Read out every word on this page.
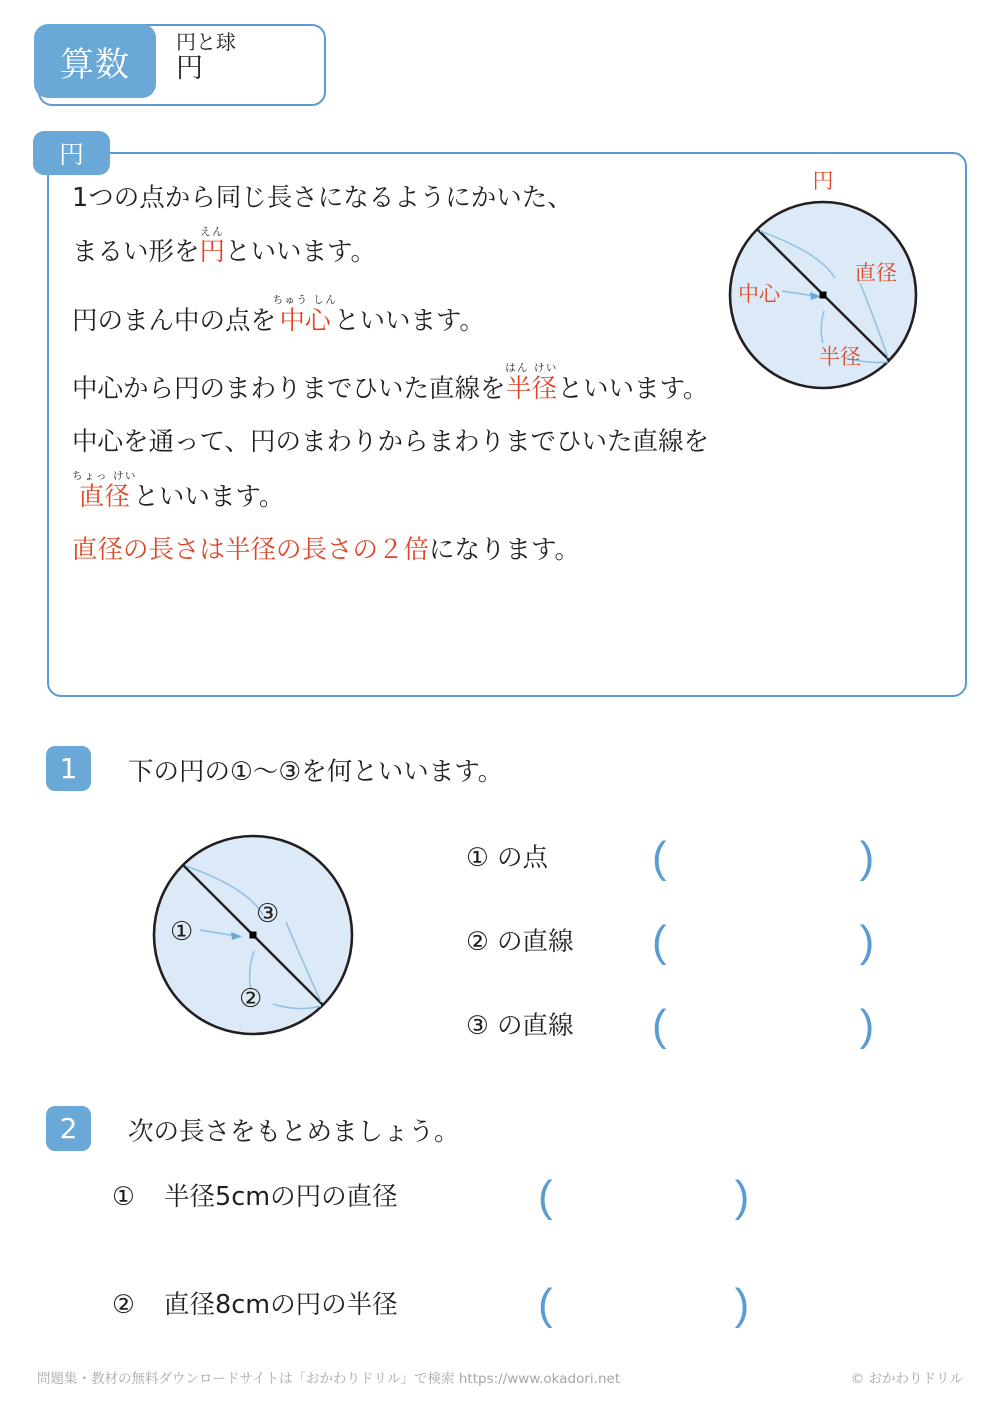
算数
円と球
円
円
1つの点から同じ長さになるようにかいた、
まるい形を円えんといいます。
円のまん中の点を中心ちゅう しんといいます。
中心から円のまわりまでひいた直線を半径はん けいといいます。
中心を通って、円のまわりからまわりまでひいた直線を
直径ちょっ けいといいます。
直径の長さは半径の長さの２倍になります。
円
直径
半径
中心
1	下の円の①～③を何といいます。
③
②
①
① の点	(	)
② の直線	(	)
③ の直線	(	)
2	次の長さをもとめましょう。
①	半径5cmの円の直径	(	)
②	直径8cmの円の半径	(	)
問題集・教材の無料ダウンロードサイトは「おかわりドリル」で検索 https://www.okadori.net	© おかわりドリル
